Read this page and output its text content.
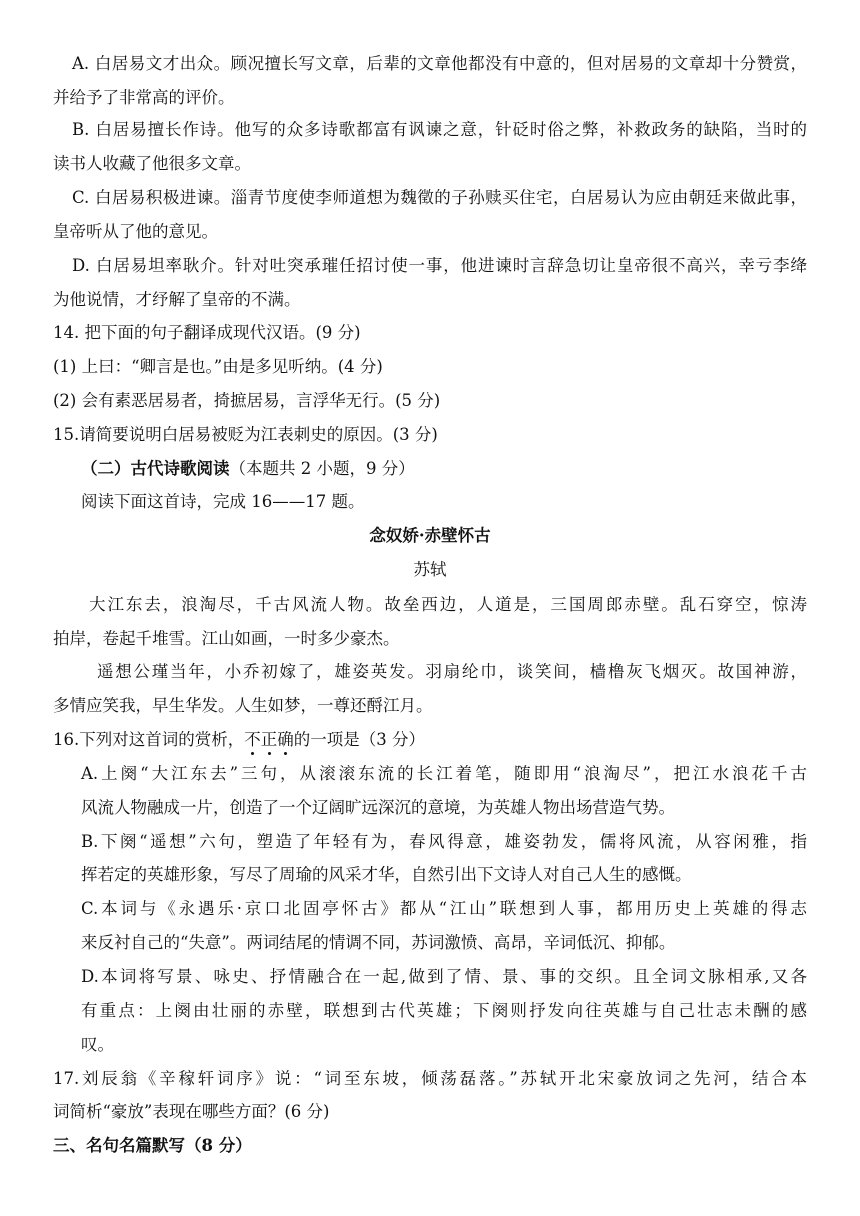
A. 白居易文才出众。顾况擅长写文章，后辈的文章他都没有中意的，但对居易的文章却十分赞赏，
并给予了非常高的评价。
B. 白居易擅长作诗。他写的众多诗歌都富有讽谏之意，针砭时俗之弊，补救政务的缺陷，当时的
读书人收藏了他很多文章。
C. 白居易积极进谏。淄青节度使李师道想为魏徵的子孙赎买住宅，白居易认为应由朝廷来做此事，
皇帝听从了他的意见。
D. 白居易坦率耿介。针对吐突承璀任招讨使一事，他进谏时言辞急切让皇帝很不高兴，幸亏李绛
为他说情，才纾解了皇帝的不满。
14. 把下面的句子翻译成现代汉语。(9 分)
(1) 上曰：“卿言是也。”由是多见听纳。(4 分)
(2) 会有素恶居易者，掎摭居易，言浮华无行。(5 分)
15.请简要说明白居易被贬为江表刺史的原因。(3 分)
（二）古代诗歌阅读（本题共 2 小题，9 分）
阅读下面这首诗，完成 16——17 题。
念奴娇·赤壁怀古
苏轼
大江东去，浪淘尽，千古风流人物。故垒西边，人道是，三国周郎赤壁。乱石穿空，惊涛
拍岸，卷起千堆雪。江山如画，一时多少豪杰。
遥想公瑾当年，小乔初嫁了，雄姿英发。羽扇纶巾，谈笑间，樯橹灰飞烟灭。故国神游，
多情应笑我，早生华发。人生如梦，一尊还酹江月。
16.下列对这首词的赏析，不正确的一项是（3 分）
A.上阕“大江东去”三句，从滚滚东流的长江着笔，随即用“浪淘尽”，把江水浪花千古
风流人物融成一片，创造了一个辽阔旷远深沉的意境，为英雄人物出场营造气势。
B.下阕“遥想”六句，塑造了年轻有为，春风得意，雄姿勃发，儒将风流，从容闲雅，指
挥若定的英雄形象，写尽了周瑜的风采才华，自然引出下文诗人对自己人生的感慨。
C.本词与《永遇乐·京口北固亭怀古》都从“江山”联想到人事，都用历史上英雄的得志
来反衬自己的“失意”。两词结尾的情调不同，苏词激愤、高昂，辛词低沉、抑郁。
D.本词将写景、咏史、抒情融合在一起,做到了情、景、事的交织。且全词文脉相承,又各
有重点：上阕由壮丽的赤壁，联想到古代英雄；下阕则抒发向往英雄与自己壮志未酬的感
叹。
17.刘辰翁《辛稼轩词序》说：“词至东坡，倾荡磊落。”苏轼开北宋豪放词之先河，结合本
词简析“豪放”表现在哪些方面？(6 分)
三、名句名篇默写（8 分）
